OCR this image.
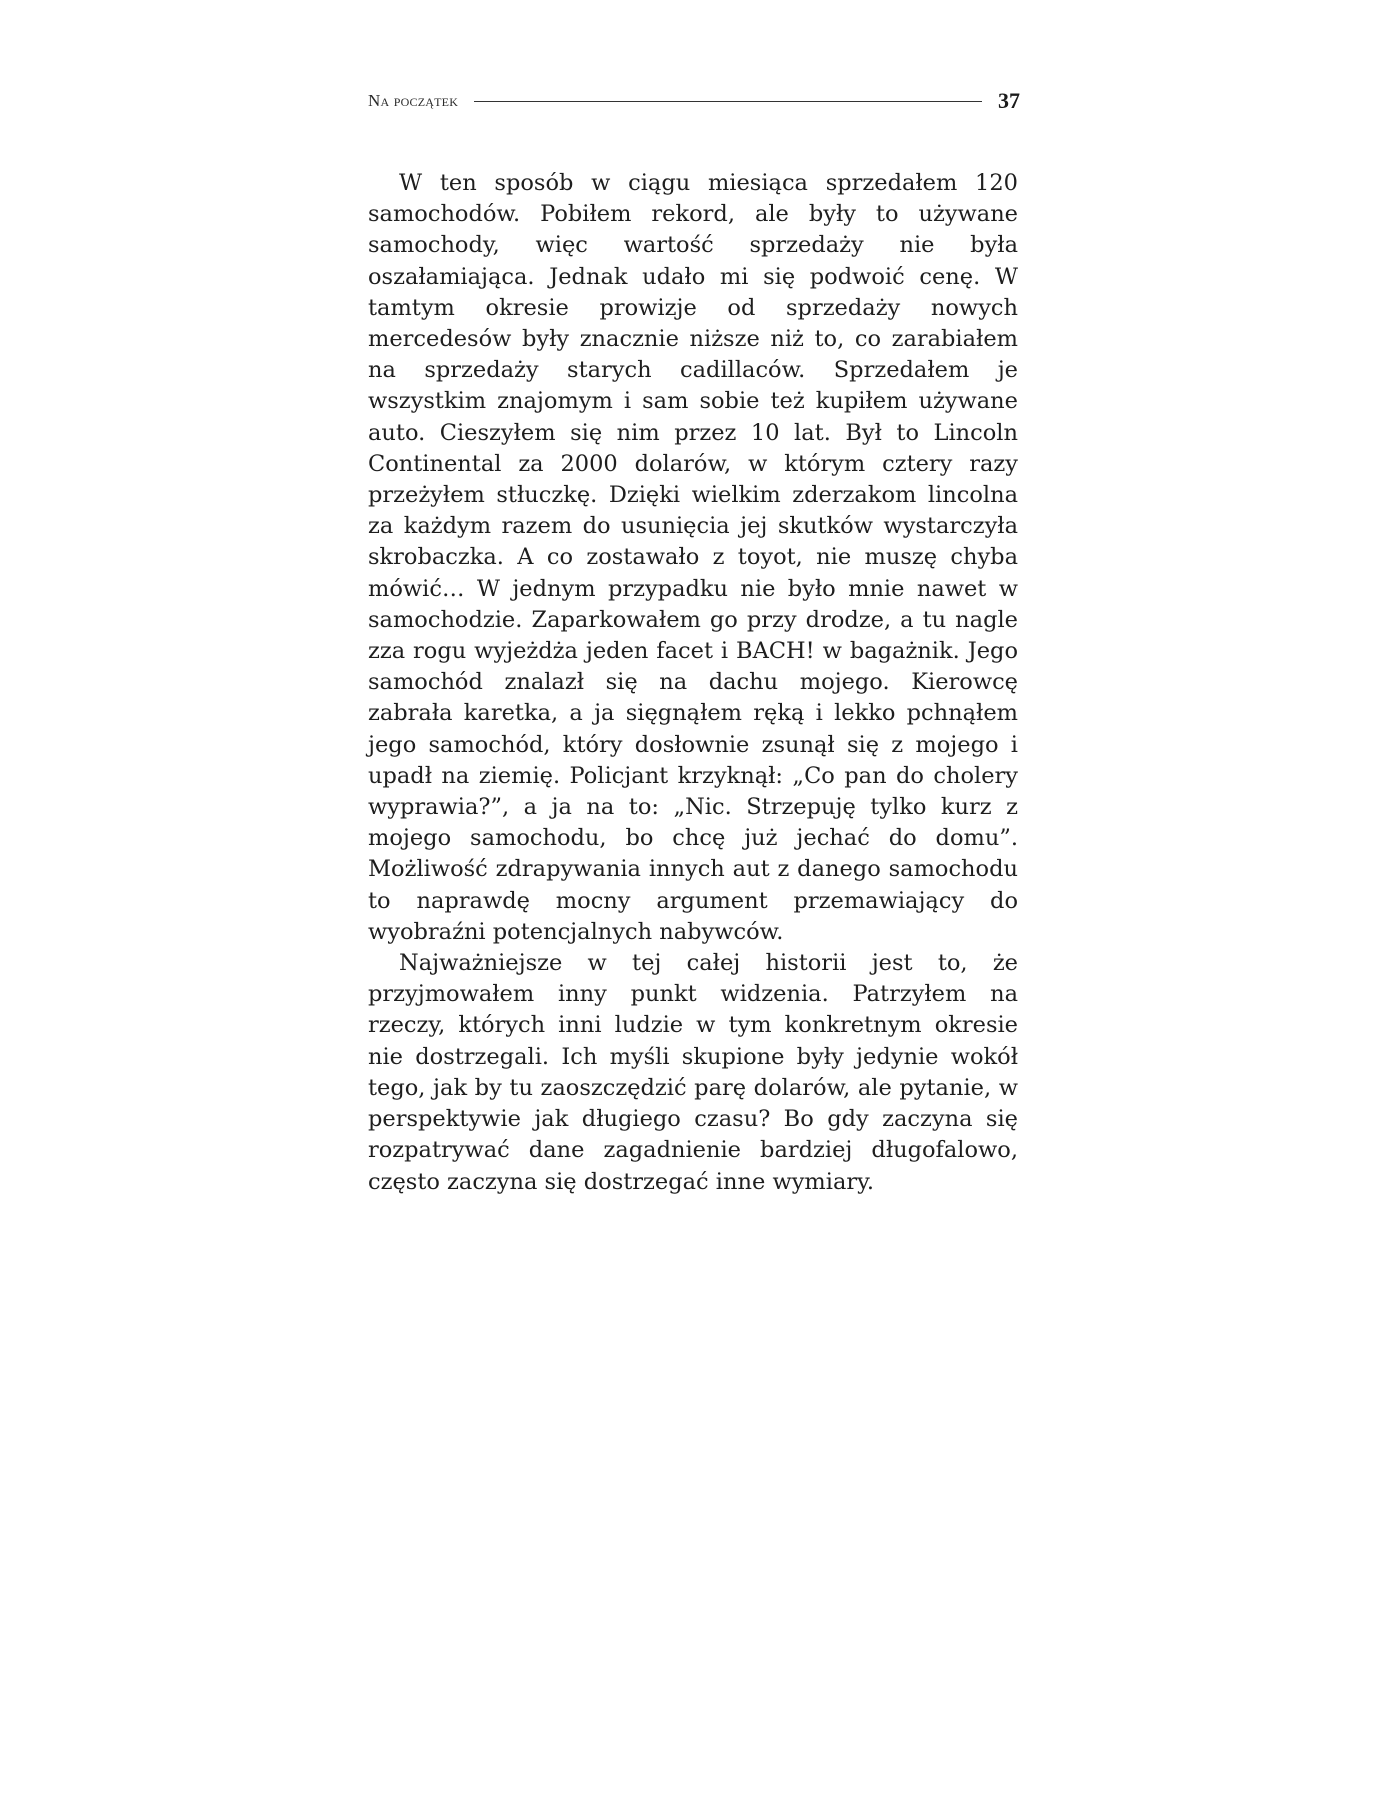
Na początek	37

W ten sposób w ciągu miesiąca sprzedałem 120 samochodów. Pobiłem rekord, ale były to używane samochody, więc wartość sprzedaży nie była oszałamiająca. Jednak udało mi się podwoić cenę. W tamtym okresie prowizje od sprzedaży nowych mercedesów były znacznie niższe niż to, co zarabiałem na sprzedaży starych cadillaców. Sprzedałem je wszystkim znajomym i sam sobie też kupiłem używane auto. Cieszyłem się nim przez 10 lat. Był to Lincoln Continental za 2000 dolarów, w którym cztery razy przeżyłem stłuczkę. Dzięki wielkim zderzakom lincolna za każdym razem do usunięcia jej skutków wystarczyła skrobaczka. A co zostawało z toyot, nie muszę chyba mówić… W jednym przypadku nie było mnie nawet w samochodzie. Zaparkowałem go przy drodze, a tu nagle zza rogu wyjeżdża jeden facet i BACH! w bagażnik. Jego samochód znalazł się na dachu mojego. Kierowcę zabrała karetka, a ja sięgnąłem ręką i lekko pchnąłem jego samochód, który dosłownie zsunął się z mojego i upadł na ziemię. Policjant krzyknął: „Co pan do cholery wyprawia?”, a ja na to: „Nic. Strzepuję tylko kurz z mojego samochodu, bo chcę już jechać do domu”. Możliwość zdrapywania innych aut z danego samochodu to naprawdę mocny argument przemawiający do wyobraźni potencjalnych nabywców.

Najważniejsze w tej całej historii jest to, że przyjmowałem inny punkt widzenia. Patrzyłem na rzeczy, których inni ludzie w tym konkretnym okresie nie dostrzegali. Ich myśli skupione były jedynie wokół tego, jak by tu zaoszczędzić parę dolarów, ale pytanie, w perspektywie jak długiego czasu? Bo gdy zaczyna się rozpatrywać dane zagadnienie bardziej długofalowo, często zaczyna się dostrzegać inne wymiary.
